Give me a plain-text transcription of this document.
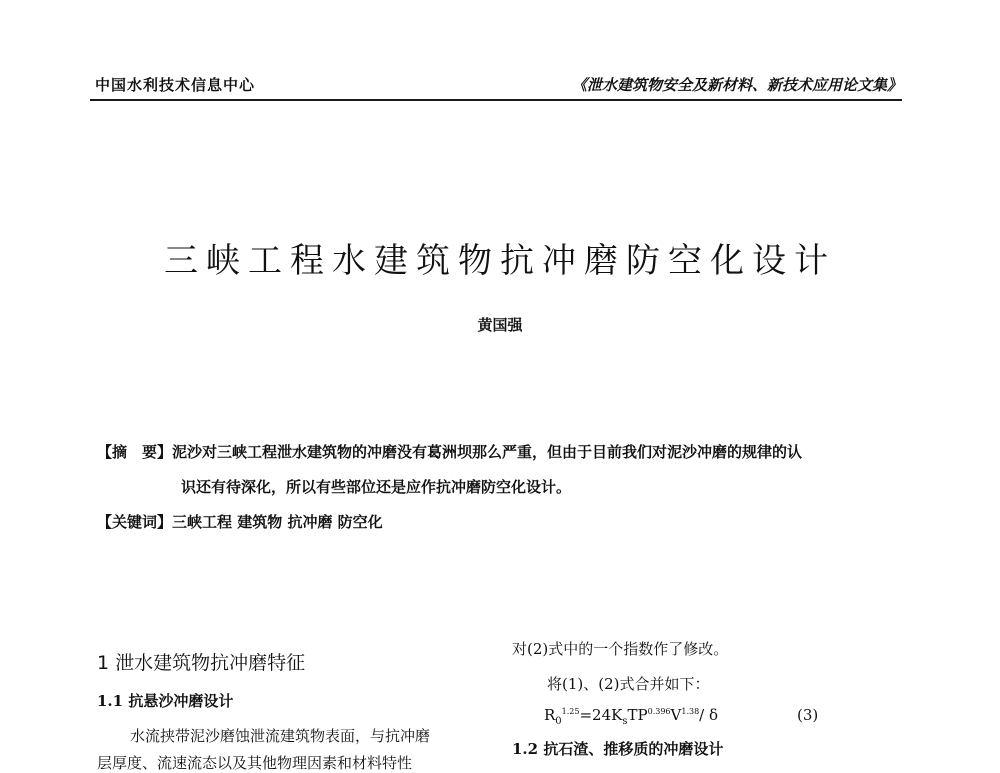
中国水利技术信息中心	《泄水建筑物安全及新材料、新技术应用论文集》
三峡工程水建筑物抗冲磨防空化设计
黄国强
【摘　要】泥沙对三峡工程泄水建筑物的冲磨没有葛洲坝那么严重，但由于目前我们对泥沙冲磨的规律的认
识还有待深化，所以有些部位还是应作抗冲磨防空化设计。
【关键词】三峡工程 建筑物 抗冲磨 防空化
1 泄水建筑物抗冲磨特征
1.1 抗悬沙冲磨设计
水流挟带泥沙磨蚀泄流建筑物表面，与抗冲磨
层厚度、流速流态以及其他物理因素和材料特性
对(2)式中的一个指数作了修改。
将(1)、(2)式合并如下：
$R_0^{1.25}=24K_sTP^{0.396}V^{1.38}/$ δ	(3)
1.2 抗石渣、推移质的冲磨设计
